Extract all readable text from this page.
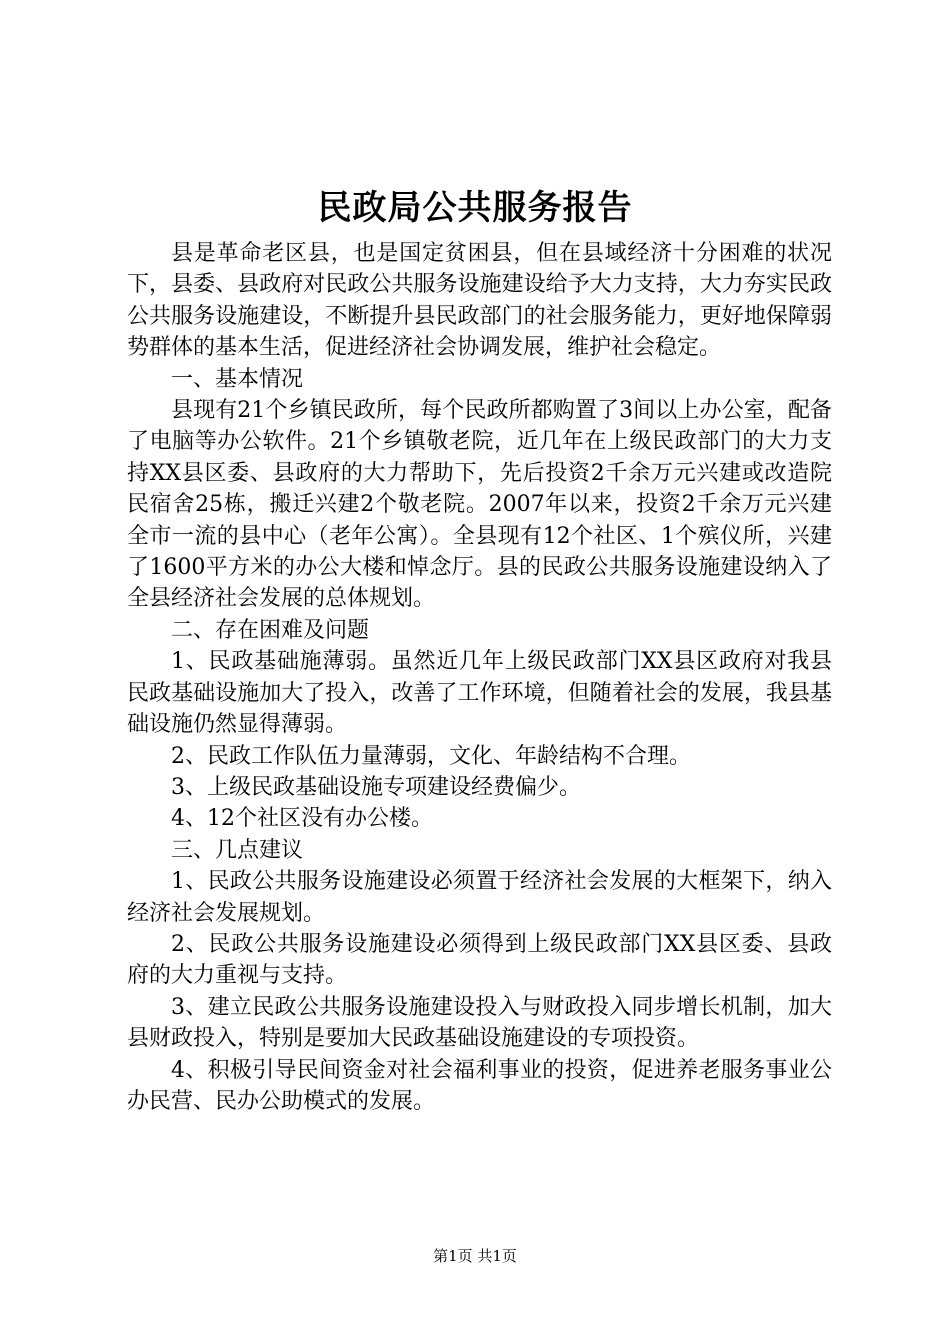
民政局公共服务报告

县是革命老区县，也是国定贫困县，但在县域经济十分困难的状况下，县委、县政府对民政公共服务设施建设给予大力支持，大力夯实民政公共服务设施建设，不断提升县民政部门的社会服务能力，更好地保障弱势群体的基本生活，促进经济社会协调发展，维护社会稳定。

一、基本情况

县现有21个乡镇民政所，每个民政所都购置了3间以上办公室，配备了电脑等办公软件。21个乡镇敬老院，近几年在上级民政部门的大力支持XX县区委、县政府的大力帮助下，先后投资2千余万元兴建或改造院民宿舍25栋，搬迁兴建2个敬老院。2007年以来，投资2千余万元兴建全市一流的县中心（老年公寓）。全县现有12个社区、1个殡仪所，兴建了1600平方米的办公大楼和悼念厅。县的民政公共服务设施建设纳入了全县经济社会发展的总体规划。

二、存在困难及问题

1、民政基础施薄弱。虽然近几年上级民政部门XX县区政府对我县民政基础设施加大了投入，改善了工作环境，但随着社会的发展，我县基础设施仍然显得薄弱。

2、民政工作队伍力量薄弱，文化、年龄结构不合理。

3、上级民政基础设施专项建设经费偏少。

4、12个社区没有办公楼。

三、几点建议

1、民政公共服务设施建设必须置于经济社会发展的大框架下，纳入经济社会发展规划。

2、民政公共服务设施建设必须得到上级民政部门XX县区委、县政府的大力重视与支持。

3、建立民政公共服务设施建设投入与财政投入同步增长机制，加大县财政投入，特别是要加大民政基础设施建设的专项投资。

4、积极引导民间资金对社会福利事业的投资，促进养老服务事业公办民营、民办公助模式的发展。

第1页 共1页
